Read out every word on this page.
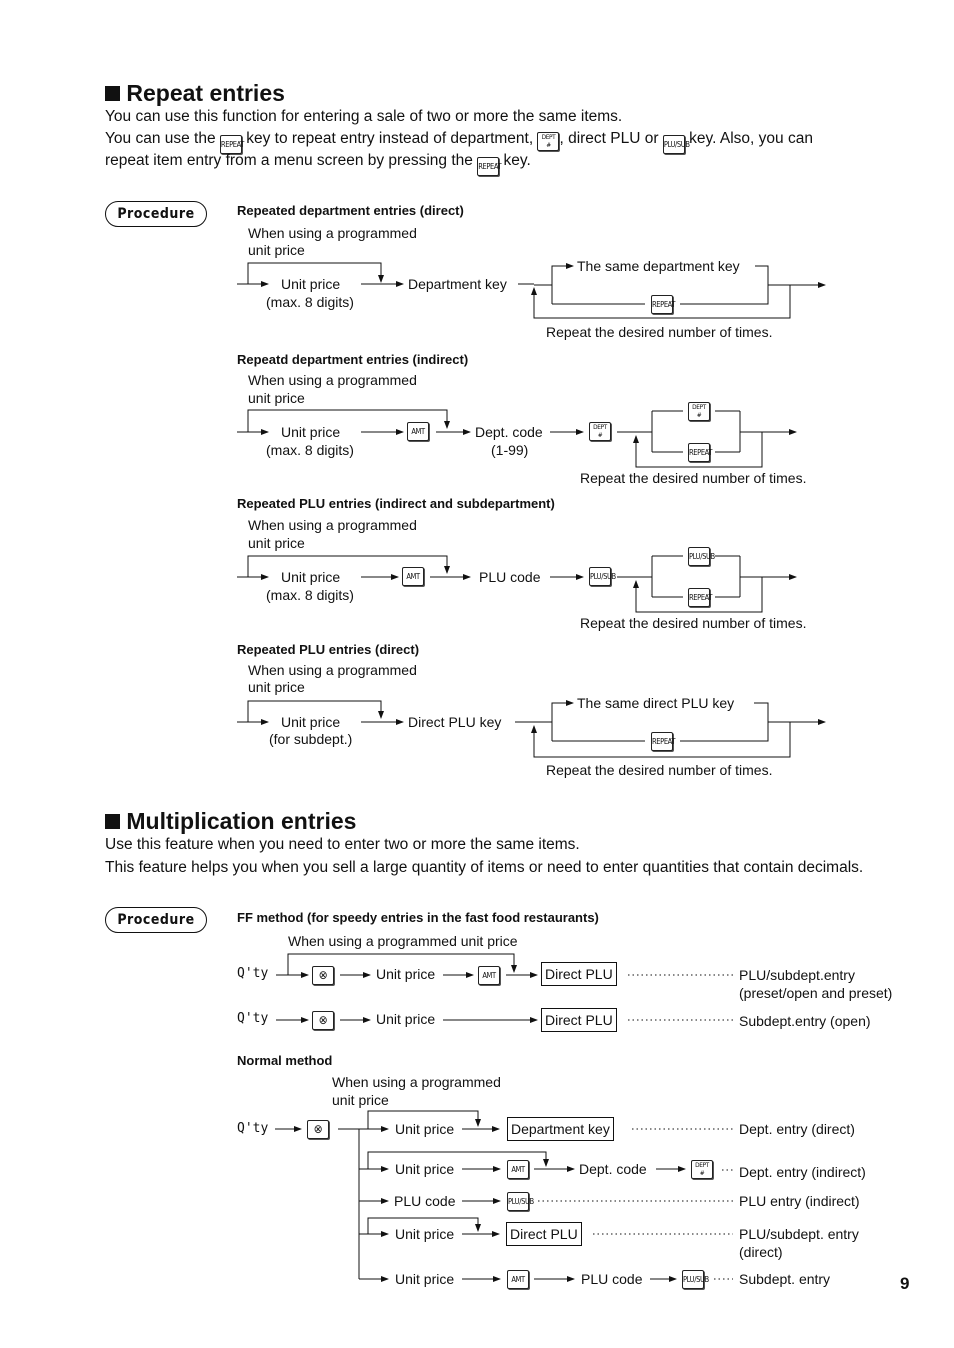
Repeat entries
You can use this function for entering a sale of two or more the same items.
You can use the REPEAT key to repeat entry instead of department, DEPT
# , direct PLU or PLU/SUB key. Also, you can
repeat item entry from a menu screen by pressing the REPEAT key.
Procedure	Repeated department entries (direct)
When using a programmed
unit price
Unit price
(max. 8 digits)
Department key
The same department key
REPEAT
Repeat the desired number of times.
Repeatd department entries (indirect)
When using a programmed
unit price
Unit price
(max. 8 digits)
AMT	Dept. code
(1-99)
DEPT
#
DEPT
#
REPEAT
Repeat the desired number of times.
Repeated PLU entries (indirect and subdepartment)
When using a programmed
unit price
Unit price
(max. 8 digits)
AMT	PLU code	PLU/SUB
PLU/SUB
REPEAT
Repeat the desired number of times.
Repeated PLU entries (direct)
When using a programmed
unit price
Unit price
(for subdept.)
Direct PLU key
The same direct PLU key
REPEAT
Repeat the desired number of times.
Multiplication entries
Use this feature when you need to enter two or more the same items.
This feature helps you when you sell a large quantity of items or need to enter quantities that contain decimals.
Procedure	FF method (for speedy entries in the fast food restaurants)
When using a programmed unit price
Q'ty	⊗	Unit price	AMT	Direct PLU	PLU/subdept.entry
(preset/open and preset)
Q'ty	⊗	Unit price	Direct PLU	Subdept.entry (open)
Normal method
When using a programmed
unit price
Q'ty	⊗	Unit price	Department key	Dept. entry (direct)
Unit price	AMT	Dept. code	DEPT
#	Dept. entry (indirect)
PLU code	PLU/SUB	PLU entry (indirect)
Unit price	Direct PLU	PLU/subdept. entry
(direct)
Unit price	AMT	PLU code	PLU/SUB Subdept. entry	9
